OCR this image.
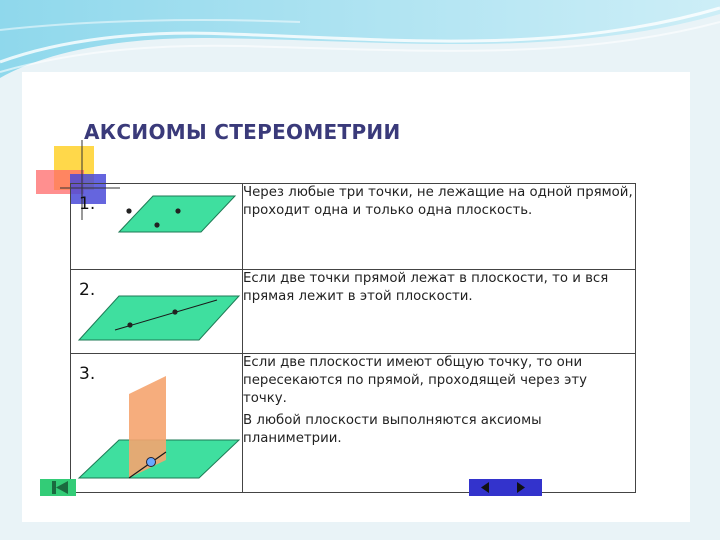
АКСИОМЫ СТЕРЕОМЕТРИИ
1.	Через любые три точки, не лежащие на одной прямой, проходит одна и только одна плоскость.

2.	Если две точки прямой лежат в плоскости, то и вся прямая лежит в этой плоскости.

3.	Если две плоскости имеют общую точку, то они пересекаются по прямой, проходящей через эту точку.

В любой плоскости выполняются аксиомы планиметрии.
